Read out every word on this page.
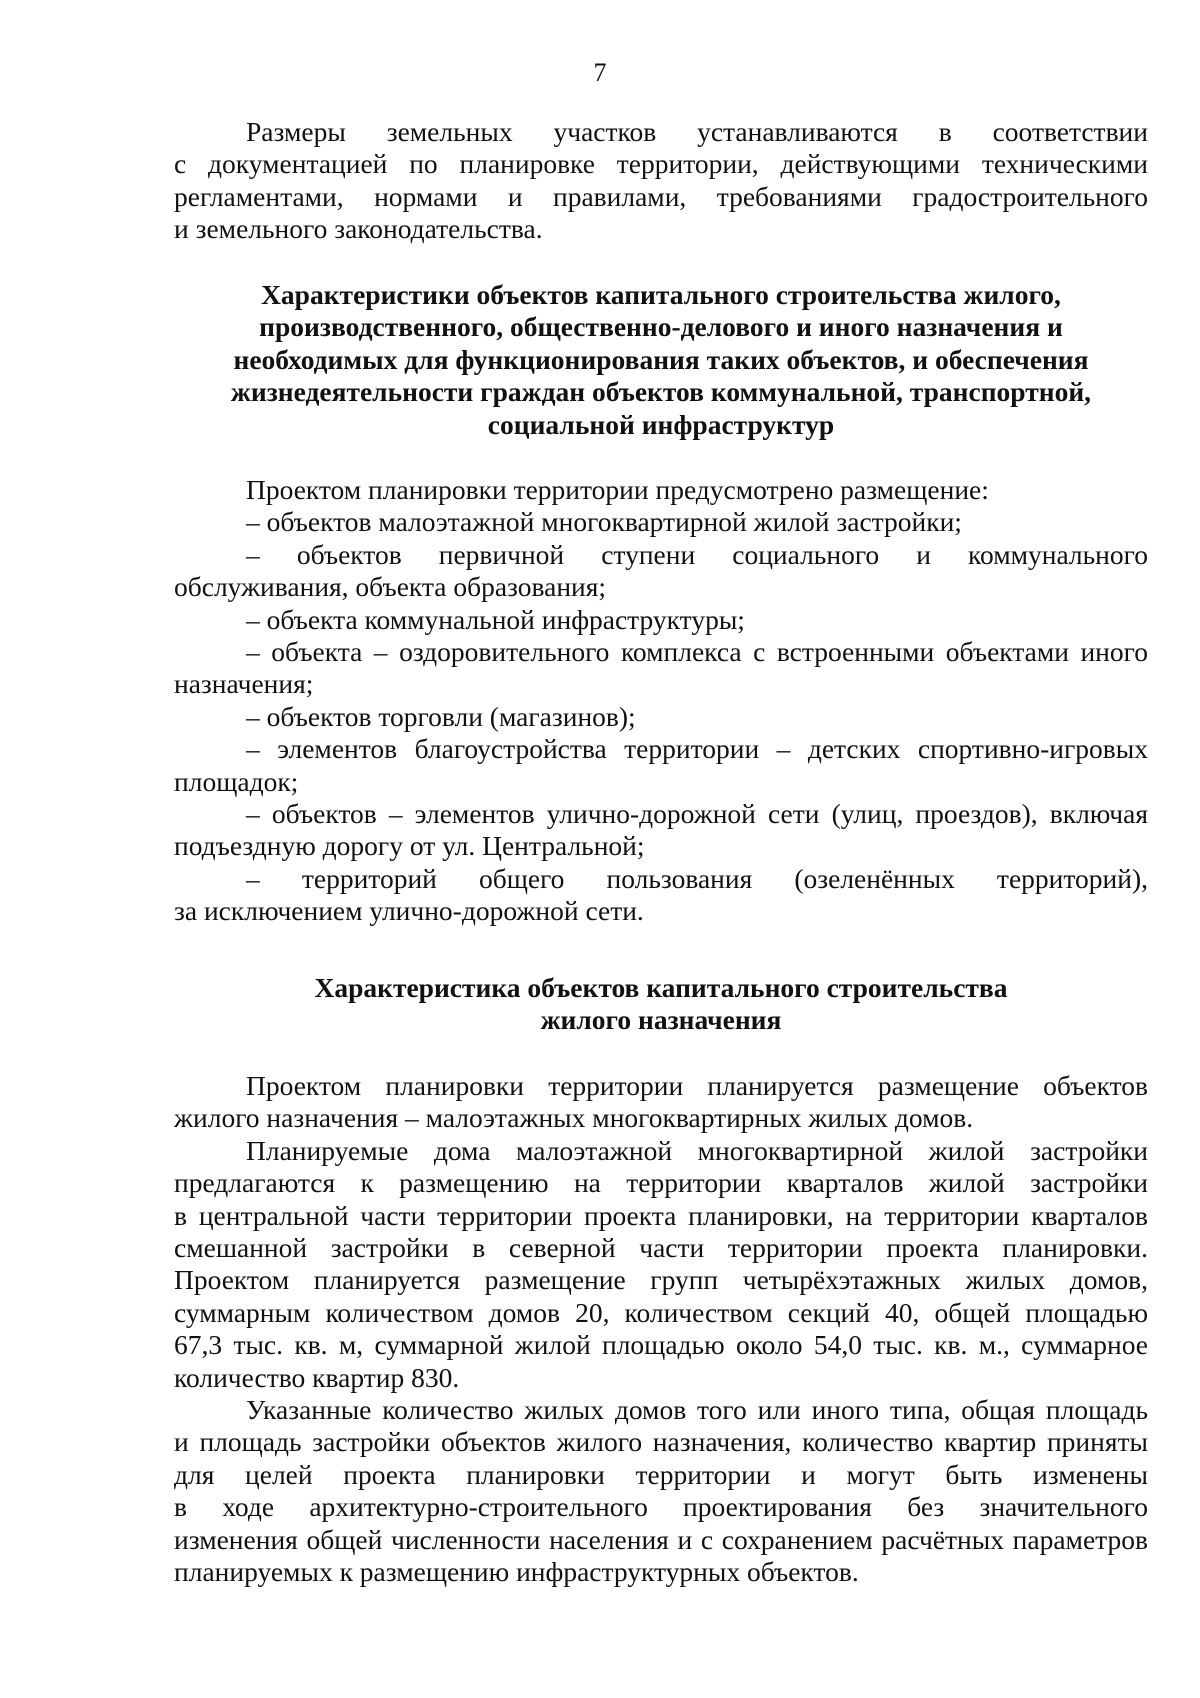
7
Размеры земельных участков устанавливаются в соответствии
с документацией по планировке территории, действующими техническими
регламентами, нормами и правилами, требованиями градостроительного
и земельного законодательства.
Характеристики объектов капитального строительства жилого,
производственного, общественно-делового и иного назначения и
необходимых для функционирования таких объектов, и обеспечения
жизнедеятельности граждан объектов коммунальной, транспортной,
социальной инфраструктур
Проектом планировки территории предусмотрено размещение:
– объектов малоэтажной многоквартирной жилой застройки;
– объектов первичной ступени социального и коммунального
обслуживания, объекта образования;
– объекта коммунальной инфраструктуры;
– объекта – оздоровительного комплекса с встроенными объектами иного
назначения;
– объектов торговли (магазинов);
– элементов благоустройства территории – детских спортивно-игровых
площадок;
– объектов – элементов улично-дорожной сети (улиц, проездов), включая
подъездную дорогу от ул. Центральной;
– территорий общего пользования (озеленённых территорий),
за исключением улично-дорожной сети.
Характеристика объектов капитального строительства
жилого назначения
Проектом планировки территории планируется размещение объектов
жилого назначения – малоэтажных многоквартирных жилых домов.
Планируемые дома малоэтажной многоквартирной жилой застройки
предлагаются к размещению на территории кварталов жилой застройки
в центральной части территории проекта планировки, на территории кварталов
смешанной застройки в северной части территории проекта планировки.
Проектом планируется размещение групп четырёхэтажных жилых домов,
суммарным количеством домов 20, количеством секций 40, общей площадью
67,3 тыс. кв. м, суммарной жилой площадью около 54,0 тыс. кв. м., суммарное
количество квартир 830.
Указанные количество жилых домов того или иного типа, общая площадь
и площадь застройки объектов жилого назначения, количество квартир приняты
для целей проекта планировки территории и могут быть изменены
в ходе архитектурно-строительного проектирования без значительного
изменения общей численности населения и с сохранением расчётных параметров
планируемых к размещению инфраструктурных объектов.
